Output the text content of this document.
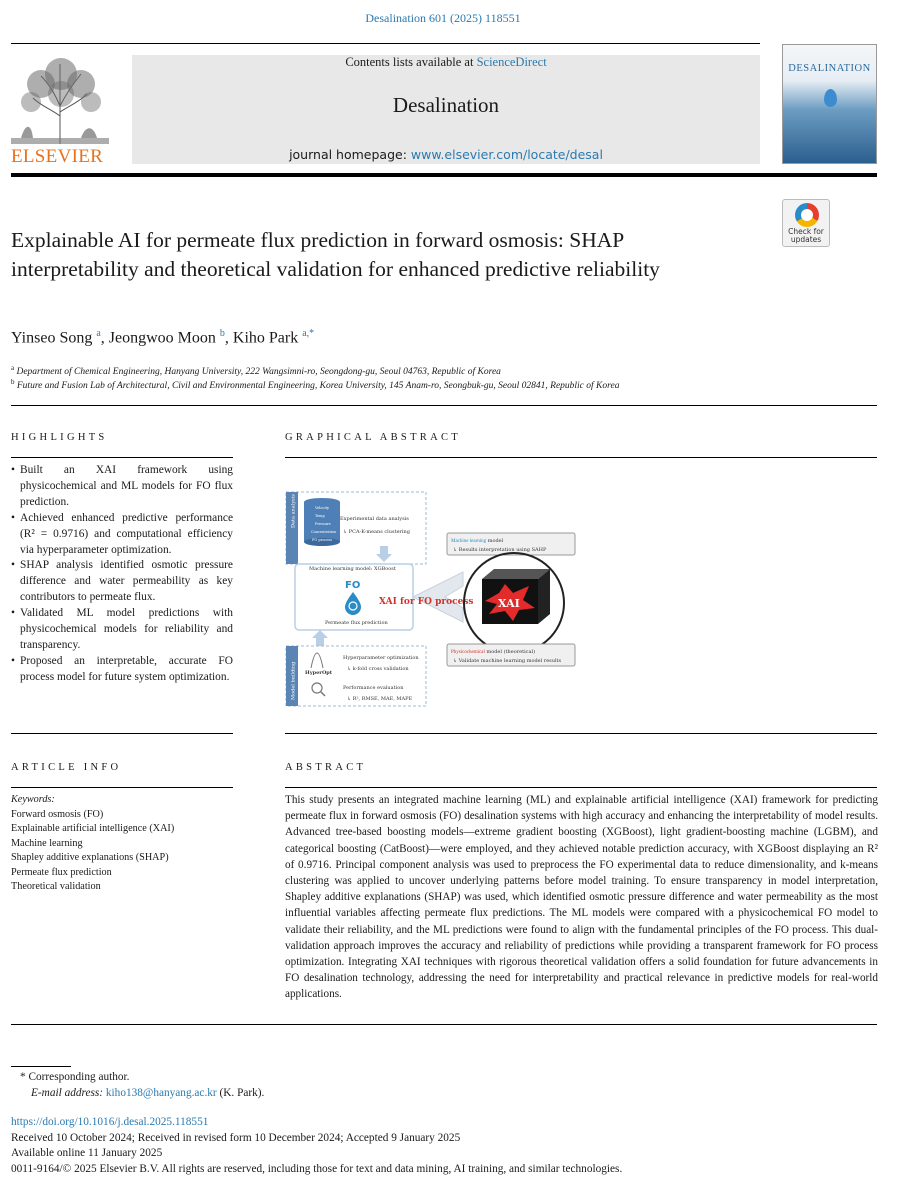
Desalination 601 (2025) 118551
ELSEVIER
Contents lists available at ScienceDirect
Desalination
journal homepage: www.elsevier.com/locate/desal
DESALINATION
Check for
updates
Explainable AI for permeate flux prediction in forward osmosis: SHAP interpretability and theoretical validation for enhanced predictive reliability
Yinseo Song $^a$, Jeongwoo Moon $^b$, Kiho Park $^{a,*}$
$^a$ Department of Chemical Engineering, Hanyang University, 222 Wangsimni-ro, Seongdong-gu, Seoul 04763, Republic of Korea
$^b$ Future and Fusion Lab of Architectural, Civil and Environmental Engineering, Korea University, 145 Anam-ro, Seongbuk-gu, Seoul 02841, Republic of Korea
HIGHLIGHTS
• Built an XAI framework using physicochemical and ML models for FO flux prediction.
• Achieved enhanced predictive performance (R² = 0.9716) and computational efficiency via hyperparameter optimization.
• SHAP analysis identified osmotic pressure difference and water permeability as key contributors to permeate flux.
• Validated ML model predictions with physicochemical models for reliability and transparency.
• Proposed an interpretable, accurate FO process model for future system optimization.
GRAPHICAL ABSTRACT
Data analysis	Velocity
Temp
Pressure
Concentration
FO process
Experimental data analysis
↳ PCA-K-means clustering
Machine learning model: XGBoost
FO
Permeate flux prediction
XAI for FO process
Machine learning model
↳ Results interpretation using SAHP
XAI
Physicochemical model (theoretical)
↳ Validate machine learning model results
Model building HyperOpt
Hyperparameter optimization
↳ k-fold cross validation
Performance evaluation
↳ R², RMSE, MAE, MAPE
ARTICLE INFO
Keywords:
Forward osmosis (FO)
Explainable artificial intelligence (XAI)
Machine learning
Shapley additive explanations (SHAP)
Permeate flux prediction
Theoretical validation
ABSTRACT
This study presents an integrated machine learning (ML) and explainable artificial intelligence (XAI) framework for predicting permeate flux in forward osmosis (FO) desalination systems with high accuracy and enhancing the interpretability of model results. Advanced tree-based boosting models—extreme gradient boosting (XGBoost), light gradient-boosting machine (LGBM), and categorical boosting (CatBoost)—were employed, and they achieved notable prediction accuracy, with XGBoost displaying an R² of 0.9716. Principal component analysis was used to preprocess the FO experimental data to reduce dimensionality, and k-means clustering was applied to uncover underlying patterns before model training. To ensure transparency in model interpretation, Shapley additive explanations (SHAP) was used, which identified osmotic pressure difference and water permeability as the most influential variables affecting permeate flux predictions. The ML models were compared with a physicochemical FO model to validate their reliability, and the ML predictions were found to align with the fundamental principles of the FO process. This dual-validation approach improves the accuracy and reliability of predictions while providing a transparent framework for FO process optimization. Integrating XAI techniques with rigorous theoretical validation offers a solid foundation for future advancements in FO desalination technology, addressing the need for interpretability and practical relevance in predictive models for real-world applications.
* Corresponding author.
E-mail address: kiho138@hanyang.ac.kr (K. Park).
https://doi.org/10.1016/j.desal.2025.118551
Received 10 October 2024; Received in revised form 10 December 2024; Accepted 9 January 2025
Available online 11 January 2025
0011-9164/© 2025 Elsevier B.V. All rights are reserved, including those for text and data mining, AI training, and similar technologies.
